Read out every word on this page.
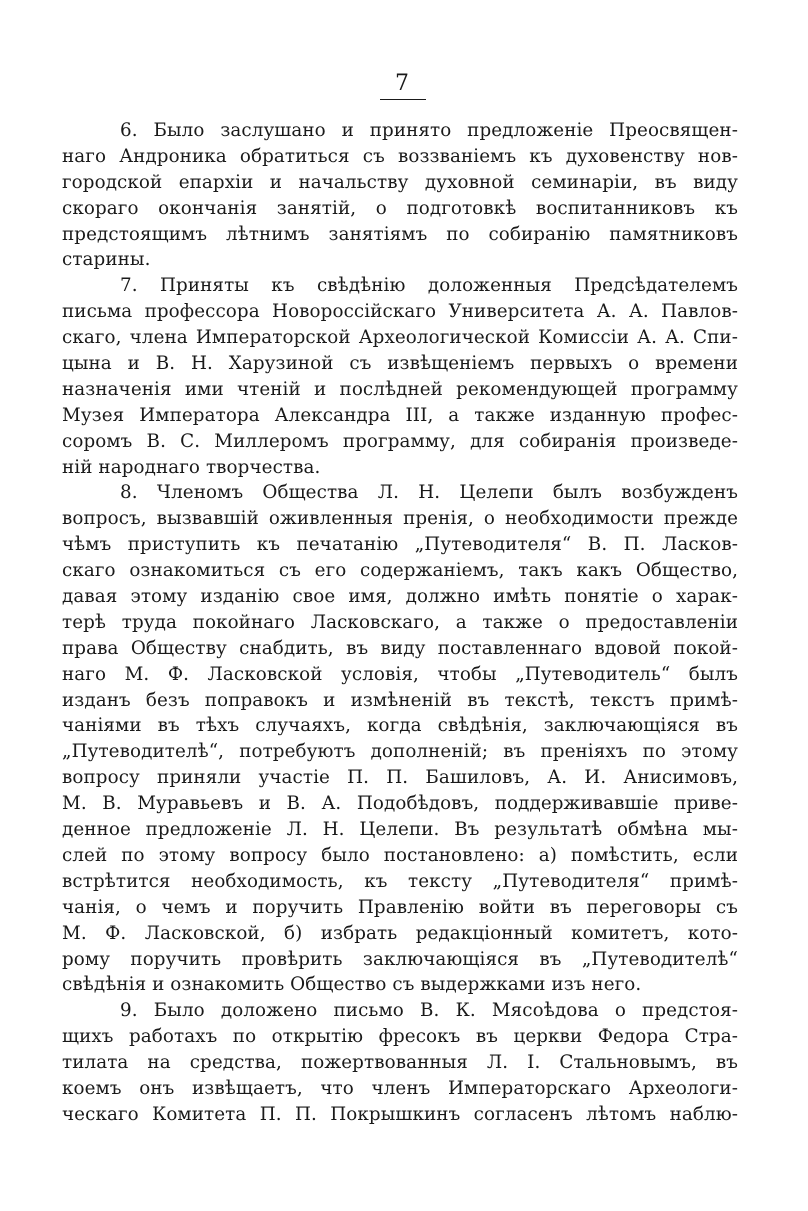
7
6. Было заслушано и принято предложеніе Преосвящен-
наго Андроника обратиться съ воззваніемъ къ духовенству нов-
городской епархіи и начальству духовной семинаріи, въ виду
скораго окончанія занятій, о подготовкѣ воспитанниковъ къ
предстоящимъ лѣтнимъ занятіямъ по собиранію памятниковъ
старины.
7. Приняты къ свѣдѣнію доложенныя Предсѣдателемъ
письма профессора Новороссійскаго Университета А. А. Павлов-
скаго, члена Императорской Археологической Комиссіи А. А. Спи-
цына и В. Н. Харузиной съ извѣщеніемъ первыхъ о времени
назначенія ими чтеній и послѣдней рекомендующей программу
Музея Императора Александра III, а также изданную профес-
соромъ В. С. Миллеромъ программу, для собиранія произведе-
ній народнаго творчества.
8. Членомъ Общества Л. Н. Целепи былъ возбужденъ
вопросъ, вызвавшій оживленныя пренія, о необходимости прежде
чѣмъ приступить къ печатанію „Путеводителя“ В. П. Ласков-
скаго ознакомиться съ его содержаніемъ, такъ какъ Общество,
давая этому изданію свое имя, должно имѣть понятіе о харак-
терѣ труда покойнаго Ласковскаго, а также о предоставленіи
права Обществу снабдить, въ виду поставленнаго вдовой покой-
наго М. Ф. Ласковской условія, чтобы „Путеводитель“ былъ
изданъ безъ поправокъ и измѣненій въ текстѣ, текстъ примѣ-
чаніями въ тѣхъ случаяхъ, когда свѣдѣнія, заключающіяся въ
„Путеводителѣ“, потребуютъ дополненій; въ преніяхъ по этому
вопросу приняли участіе П. П. Башиловъ, А. И. Анисимовъ,
М. В. Муравьевъ и В. А. Подобѣдовъ, поддерживавшіе приве-
денное предложеніе Л. Н. Целепи. Въ результатѣ обмѣна мы-
слей по этому вопросу было постановлено: а) помѣстить, если
встрѣтится необходимость, къ тексту „Путеводителя“ примѣ-
чанія, о чемъ и поручить Правленію войти въ переговоры съ
М. Ф. Ласковской, б) избрать редакціонный комитетъ, кото-
рому поручить провѣрить заключающіяся въ „Путеводителѣ“
свѣдѣнія и ознакомить Общество съ выдержками изъ него.
9. Было доложено письмо В. К. Мясоѣдова о предстоя-
щихъ работахъ по открытію фресокъ въ церкви Федора Стра-
тилата на средства, пожертвованныя Л. І. Стальновымъ, въ
коемъ онъ извѣщаетъ, что членъ Императорскаго Археологи-
ческаго Комитета П. П. Покрышкинъ согласенъ лѣтомъ наблю-
